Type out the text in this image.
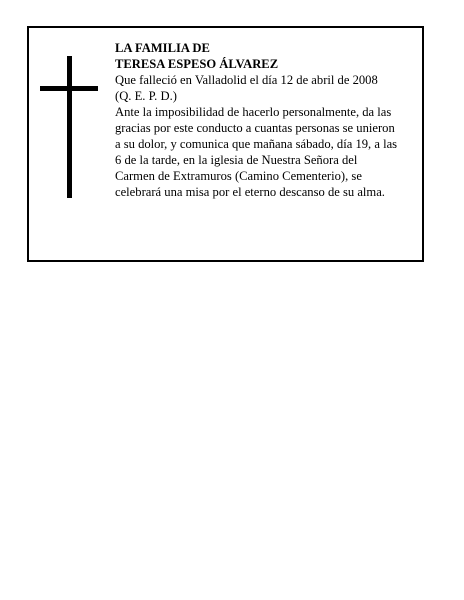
LA FAMILIA DE

TERESA ESPESO ÁLVAREZ

Que falleció en Valladolid el día 12 de abril de 2008

(Q. E. P. D.)

Ante la imposibilidad de hacerlo personalmente, da las

gracias por este conducto a cuantas personas se unieron

a su dolor, y comunica que mañana sábado, día 19, a las

6 de la tarde, en la iglesia de Nuestra Señora del

Carmen de Extramuros (Camino Cementerio), se

celebrará una misa por el eterno descanso de su alma.
